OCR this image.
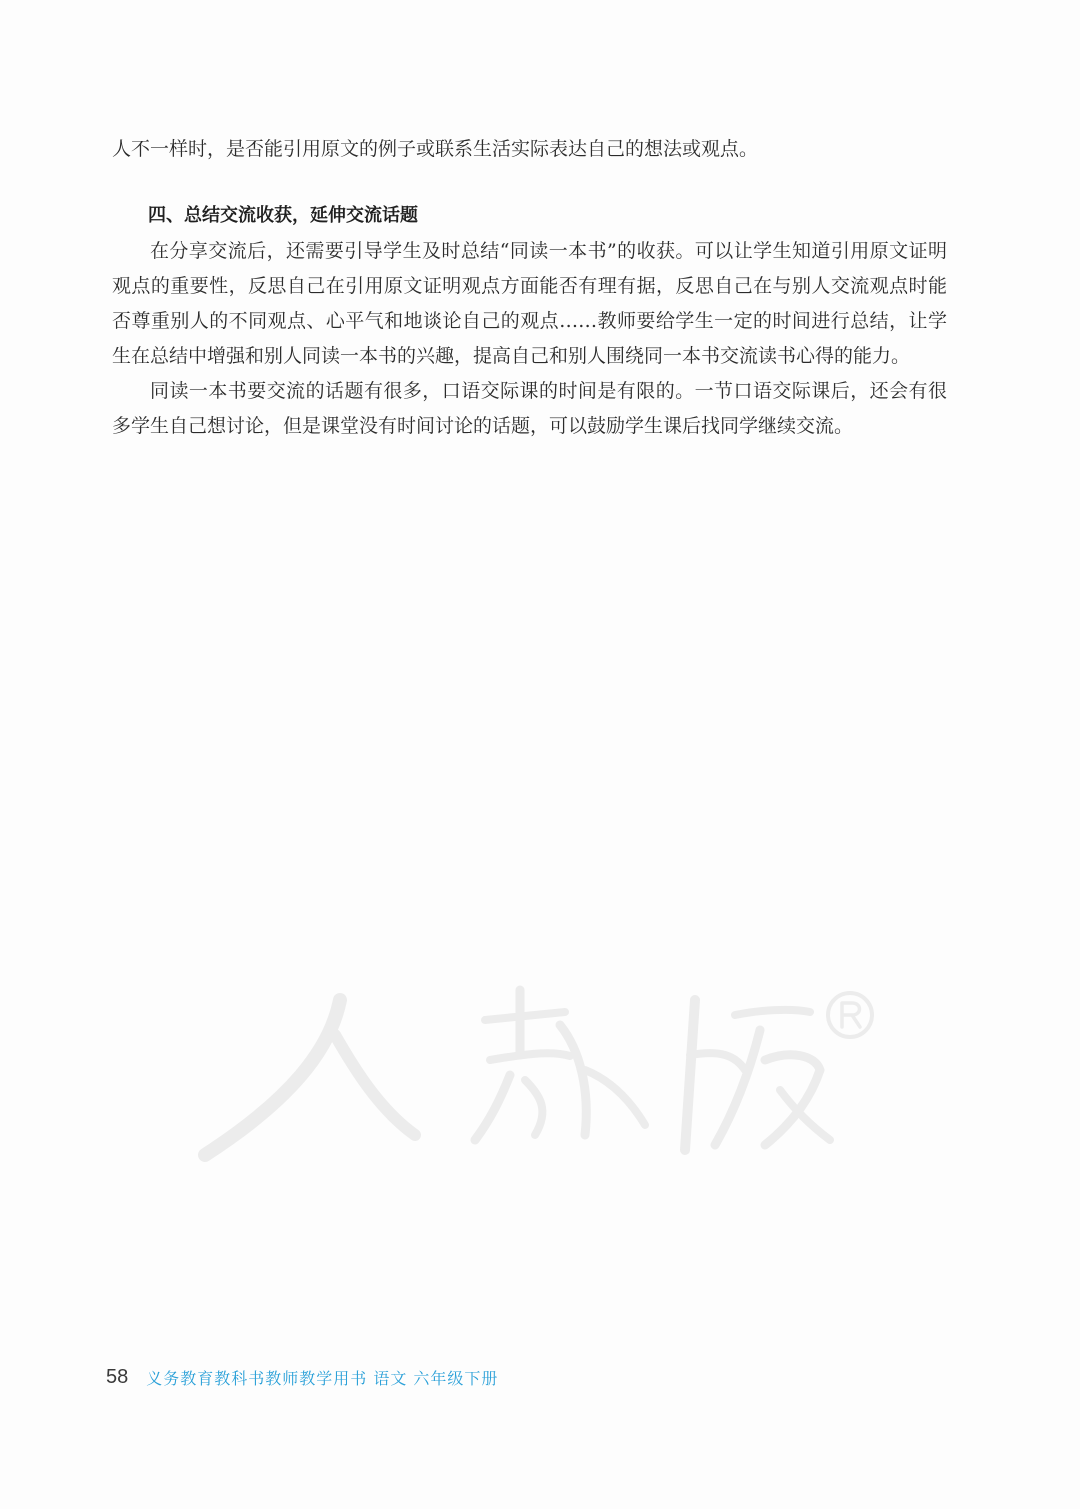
人不一样时，是否能引用原文的例子或联系生活实际表达自己的想法或观点。

四、总结交流收获，延伸交流话题

在分享交流后，还需要引导学生及时总结“同读一本书”的收获。可以让学生知道引用原文证明观点的重要性，反思自己在引用原文证明观点方面能否有理有据，反思自己在与别人交流观点时能否尊重别人的不同观点、心平气和地谈论自己的观点……教师要给学生一定的时间进行总结，让学生在总结中增强和别人同读一本书的兴趣，提高自己和别人围绕同一本书交流读书心得的能力。

同读一本书要交流的话题有很多，口语交际课的时间是有限的。一节口语交际课后，还会有很多学生自己想讨论，但是课堂没有时间讨论的话题，可以鼓励学生课后找同学继续交流。

58 义务教育教科书教师教学用书 语文 六年级下册
